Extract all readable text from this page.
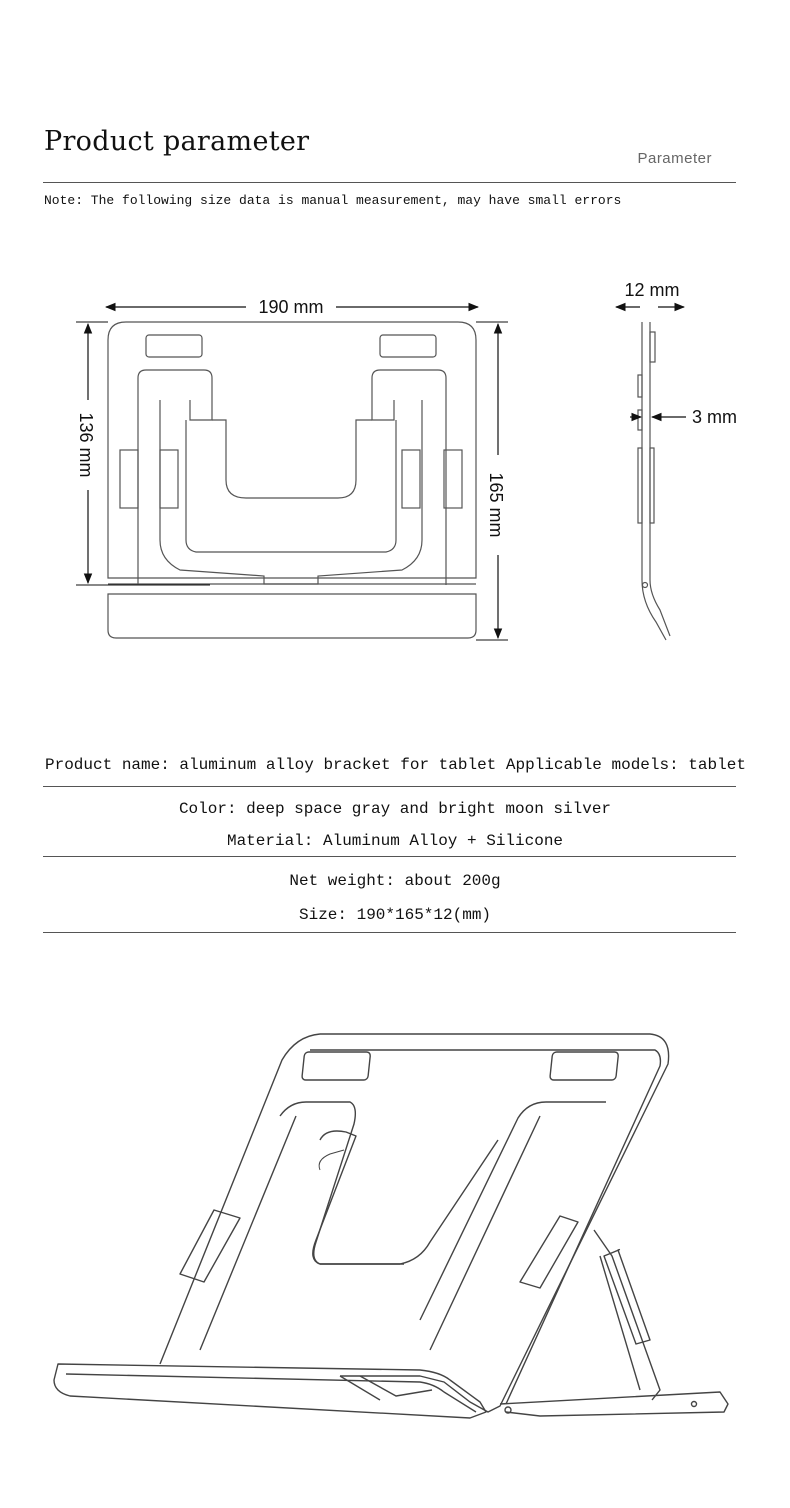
Product parameter
Parameter
Note: The following size data is manual measurement, may have small errors
190 mm
12 mm
3 mm
136 mm
165 mm
Product name: aluminum alloy bracket for tablet Applicable models: tablet
Color: deep space gray and bright moon silver
Material: Aluminum Alloy + Silicone
Net weight: about 200g
Size: 190*165*12(mm)
